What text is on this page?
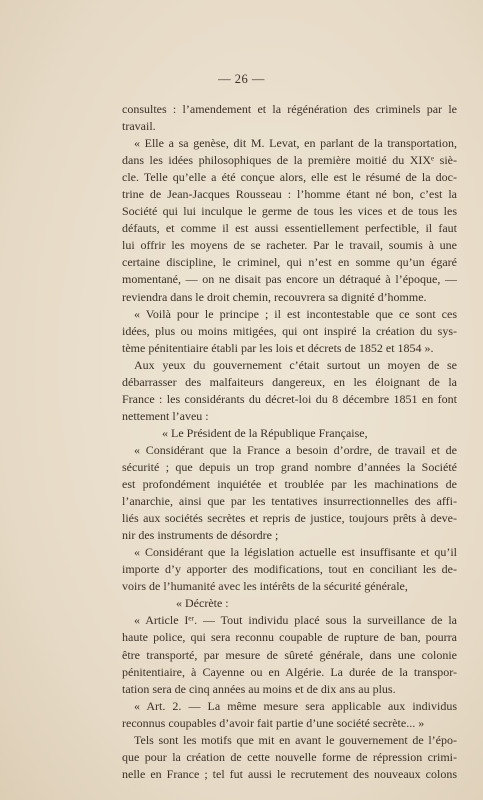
— 26 —

consultes : l’amendement et la régénération des criminels par le
travail.

« Elle a sa genèse, dit M. Levat, en parlant de la transportation,
dans les idées philosophiques de la première moitié du XIXᵉ siè-
cle. Telle qu’elle a été conçue alors, elle est le résumé de la doc-
trine de Jean-Jacques Rousseau : l’homme étant né bon, c’est la
Société qui lui inculque le germe de tous les vices et de tous les
défauts, et comme il est aussi essentiellement perfectible, il faut
lui offrir les moyens de se racheter. Par le travail, soumis à une
certaine discipline, le criminel, qui n’est en somme qu’un égaré
momentané, — on ne disait pas encore un détraqué à l’époque, —
reviendra dans le droit chemin, recouvrera sa dignité d’homme.

« Voilà pour le principe ; il est incontestable que ce sont ces
idées, plus ou moins mitigées, qui ont inspiré la création du sys-
tème pénitentiaire établi par les lois et décrets de 1852 et 1854 ».

Aux yeux du gouvernement c’était surtout un moyen de se
débarrasser des malfaiteurs dangereux, en les éloignant de la
France : les considérants du décret-loi du 8 décembre 1851 en font
nettement l’aveu :

« Le Président de la République Française,

« Considérant que la France a besoin d’ordre, de travail et de
sécurité ; que depuis un trop grand nombre d’années la Société
est profondément inquiétée et troublée par les machinations de
l’anarchie, ainsi que par les tentatives insurrectionnelles des affi-
liés aux sociétés secrètes et repris de justice, toujours prêts à deve-
nir des instruments de désordre ;

« Considérant que la législation actuelle est insuffisante et qu’il
importe d’y apporter des modifications, tout en conciliant les de-
voirs de l’humanité avec les intérêts de la sécurité générale,

« Décrète :

« Article Iᵉʳ. — Tout individu placé sous la surveillance de la
haute police, qui sera reconnu coupable de rupture de ban, pourra
être transporté, par mesure de sûreté générale, dans une colonie
pénitentiaire, à Cayenne ou en Algérie. La durée de la transpor-
tation sera de cinq années au moins et de dix ans au plus.

« Art. 2. — La même mesure sera applicable aux individus
reconnus coupables d’avoir fait partie d’une société secrète... »

Tels sont les motifs que mit en avant le gouvernement de l’épo-
que pour la création de cette nouvelle forme de répression crimi-
nelle en France ; tel fut aussi le recrutement des nouveaux colons
